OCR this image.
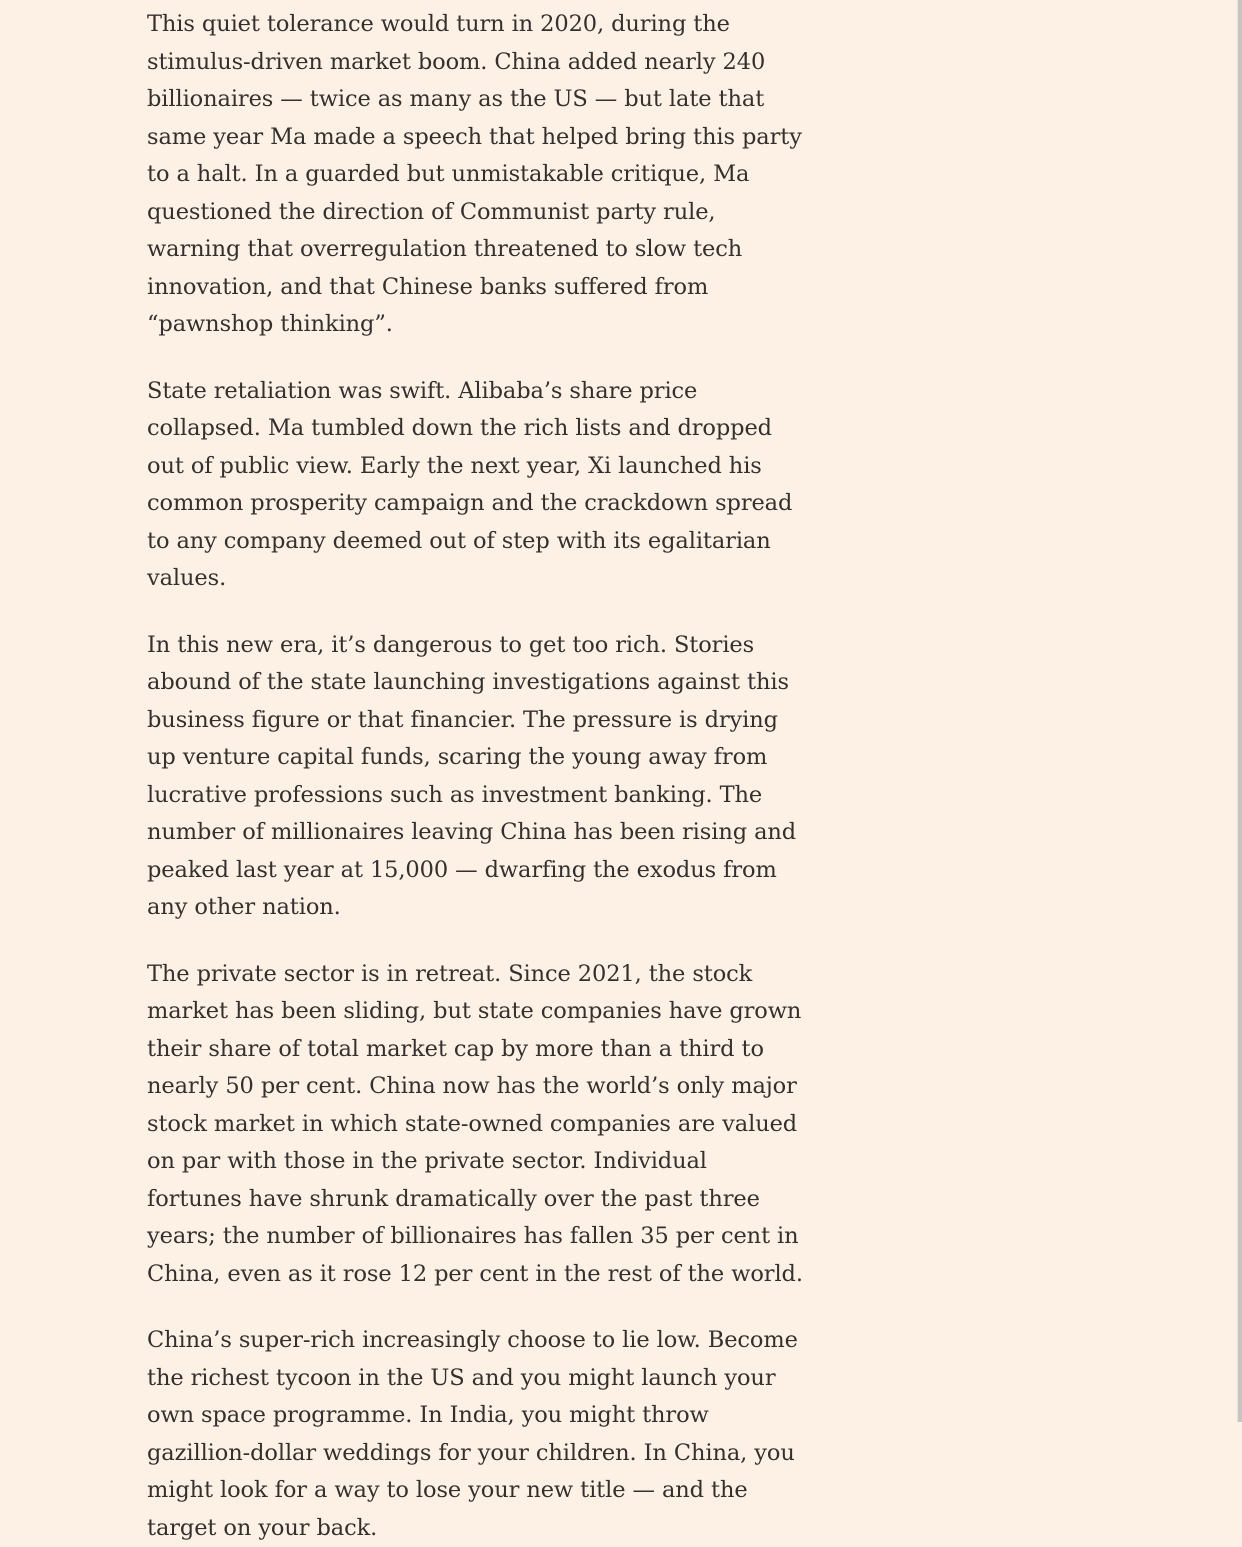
This quiet tolerance would turn in 2020, during the stimulus-driven market boom. China added nearly 240 billionaires — twice as many as the US — but late that same year Ma made a speech that helped bring this party to a halt. In a guarded but unmistakable critique, Ma questioned the direction of Communist party rule, warning that overregulation threatened to slow tech innovation, and that Chinese banks suffered from “pawnshop thinking”.

State retaliation was swift. Alibaba’s share price collapsed. Ma tumbled down the rich lists and dropped out of public view. Early the next year, Xi launched his common prosperity campaign and the crackdown spread to any company deemed out of step with its egalitarian values.

In this new era, it’s dangerous to get too rich. Stories abound of the state launching investigations against this business figure or that financier. The pressure is drying up venture capital funds, scaring the young away from lucrative professions such as investment banking. The number of millionaires leaving China has been rising and peaked last year at 15,000 — dwarfing the exodus from any other nation.

The private sector is in retreat. Since 2021, the stock market has been sliding, but state companies have grown their share of total market cap by more than a third to nearly 50 per cent. China now has the world’s only major stock market in which state-owned companies are valued on par with those in the private sector. Individual fortunes have shrunk dramatically over the past three years; the number of billionaires has fallen 35 per cent in China, even as it rose 12 per cent in the rest of the world.

China’s super-rich increasingly choose to lie low. Become the richest tycoon in the US and you might launch your own space programme. In India, you might throw gazillion-dollar weddings for your children. In China, you might look for a way to lose your new title — and the target on your back.
